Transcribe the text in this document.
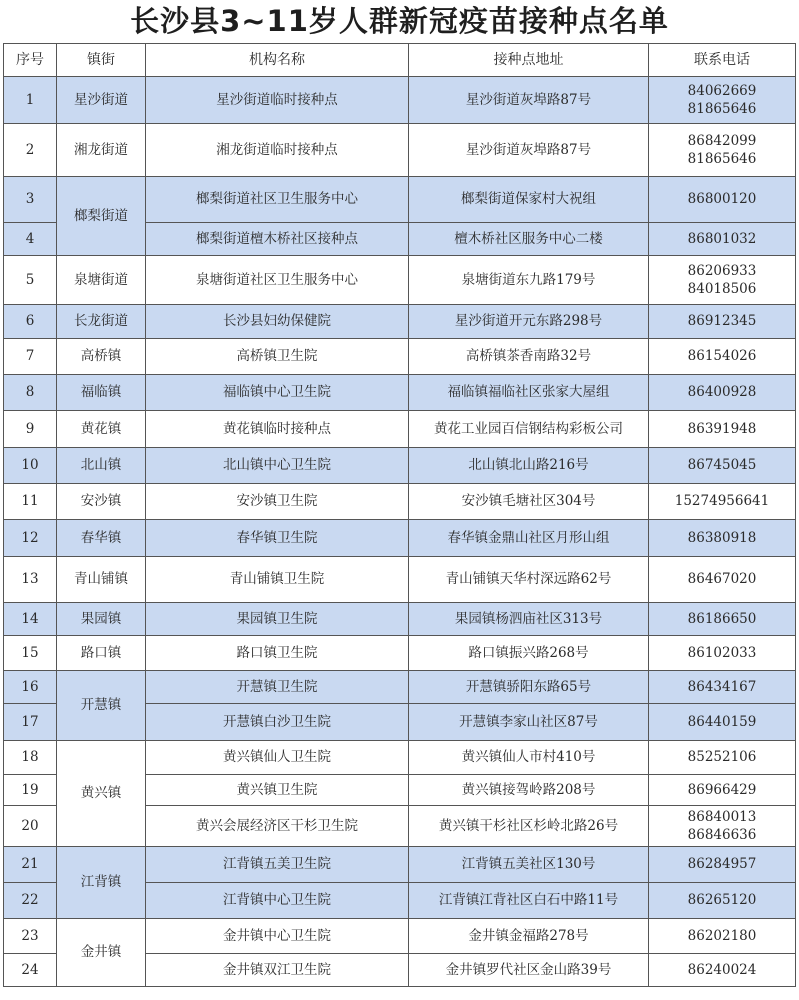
长沙县3~11岁人群新冠疫苗接种点名单
序号	镇街	机构名称	接种点地址	联系电话
1	星沙街道	星沙街道临时接种点	星沙街道灰埠路87号	84062669
81865646

2	湘龙街道	湘龙街道临时接种点	星沙街道灰埠路87号	86842099
81865646

3	榔梨街道	榔梨街道社区卫生服务中心	榔梨街道保家村大祝组	86800120
4		榔梨街道檀木桥社区接种点	檀木桥社区服务中心二楼	86801032
5	泉塘街道	泉塘街道社区卫生服务中心	泉塘街道东九路179号	86206933
84018506

6	长龙街道	长沙县妇幼保健院	星沙街道开元东路298号	86912345
7	高桥镇	高桥镇卫生院	高桥镇茶香南路32号	86154026
8	福临镇	福临镇中心卫生院	福临镇福临社区张家大屋组	86400928
9	黄花镇	黄花镇临时接种点	黄花工业园百信钢结构彩板公司	86391948
10	北山镇	北山镇中心卫生院	北山镇北山路216号	86745045
11	安沙镇	安沙镇卫生院	安沙镇毛塘社区304号	15274956641
12	春华镇	春华镇卫生院	春华镇金鼎山社区月形山组	86380918
13	青山铺镇	青山铺镇卫生院	青山铺镇天华村深远路62号	86467020
14	果园镇	果园镇卫生院	果园镇杨泗庙社区313号	86186650
15	路口镇	路口镇卫生院	路口镇振兴路268号	86102033
16	开慧镇	开慧镇卫生院	开慧镇骄阳东路65号	86434167
17		开慧镇白沙卫生院	开慧镇李家山社区87号	86440159
18	黄兴镇	黄兴镇仙人卫生院	黄兴镇仙人市村410号	85252106
19		黄兴镇卫生院	黄兴镇接驾岭路208号	86966429
20		黄兴会展经济区干杉卫生院	黄兴镇干杉社区杉岭北路26号	86840013
86846636

21	江背镇	江背镇五美卫生院	江背镇五美社区130号	86284957
22		江背镇中心卫生院	江背镇江背社区白石中路11号	86265120
23	金井镇	金井镇中心卫生院	金井镇金福路278号	86202180
24		金井镇双江卫生院	金井镇罗代社区金山路39号	86240024
